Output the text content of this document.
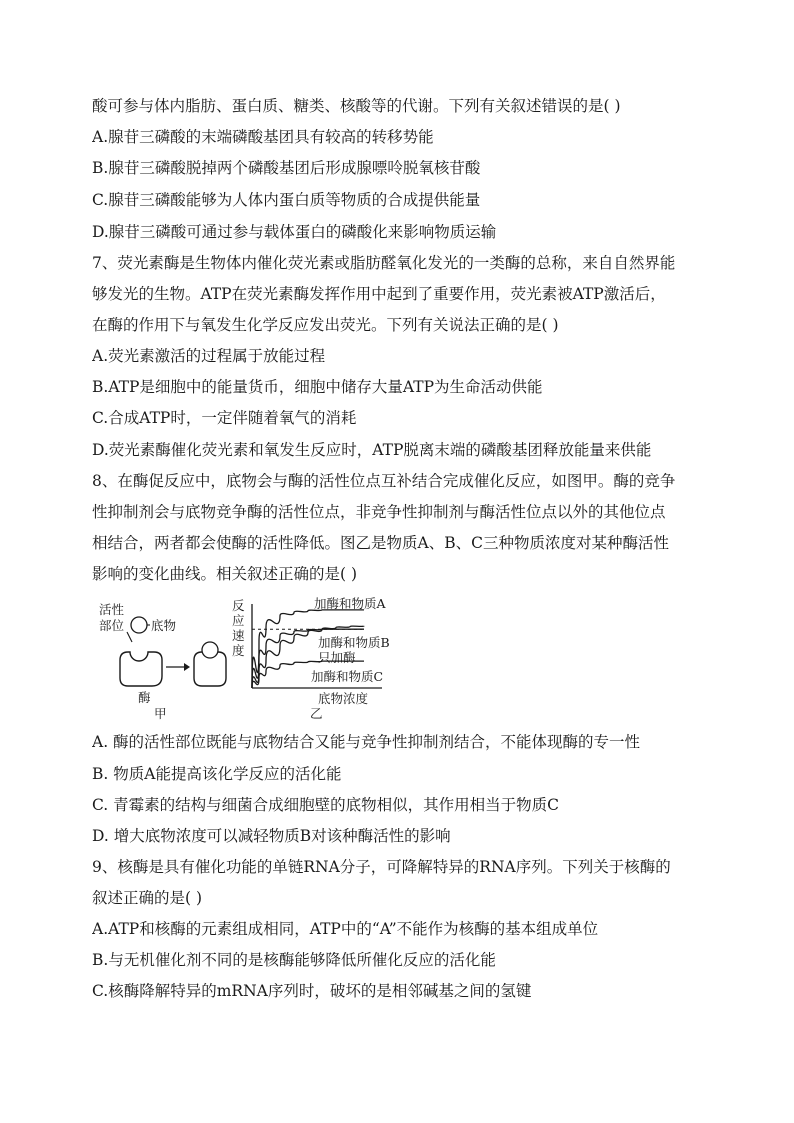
酸可参与体内脂肪、蛋白质、糖类、核酸等的代谢。下列有关叙述错误的是( )
A.腺苷三磷酸的末端磷酸基团具有较高的转移势能
B.腺苷三磷酸脱掉两个磷酸基团后形成腺嘌呤脱氧核苷酸
C.腺苷三磷酸能够为人体内蛋白质等物质的合成提供能量
D.腺苷三磷酸可通过参与载体蛋白的磷酸化来影响物质运输
7、荧光素酶是生物体内催化荧光素或脂肪醛氧化发光的一类酶的总称，来自自然界能
够发光的生物。ATP在荧光素酶发挥作用中起到了重要作用，荧光素被ATP激活后，
在酶的作用下与氧发生化学反应发出荧光。下列有关说法正确的是( )
A.荧光素激活的过程属于放能过程
B.ATP是细胞中的能量货币，细胞中储存大量ATP为生命活动供能
C.合成ATP时，一定伴随着氧气的消耗
D.荧光素酶催化荧光素和氧发生反应时，ATP脱离末端的磷酸基团释放能量来供能
8、在酶促反应中，底物会与酶的活性位点互补结合完成催化反应，如图甲。酶的竞争
性抑制剂会与底物竞争酶的活性位点，非竞争性抑制剂与酶活性位点以外的其他位点
相结合，两者都会使酶的活性降低。图乙是物质A、B、C三种物质浓度对某种酶活性
影响的变化曲线。相关叙述正确的是( )
活性
部位 底物
酶
甲
反
应
速
度
加酶和物质A
加酶和物质B
只加酶
加酶和物质C
底物浓度
乙
A. 酶的活性部位既能与底物结合又能与竞争性抑制剂结合，不能体现酶的专一性
B. 物质A能提高该化学反应的活化能
C. 青霉素的结构与细菌合成细胞壁的底物相似，其作用相当于物质C
D. 增大底物浓度可以减轻物质B对该种酶活性的影响
9、核酶是具有催化功能的单链RNA分子，可降解特异的RNA序列。下列关于核酶的
叙述正确的是( )
A.ATP和核酶的元素组成相同，ATP中的“A”不能作为核酶的基本组成单位
B.与无机催化剂不同的是核酶能够降低所催化反应的活化能
C.核酶降解特异的mRNA序列时，破坏的是相邻碱基之间的氢键
